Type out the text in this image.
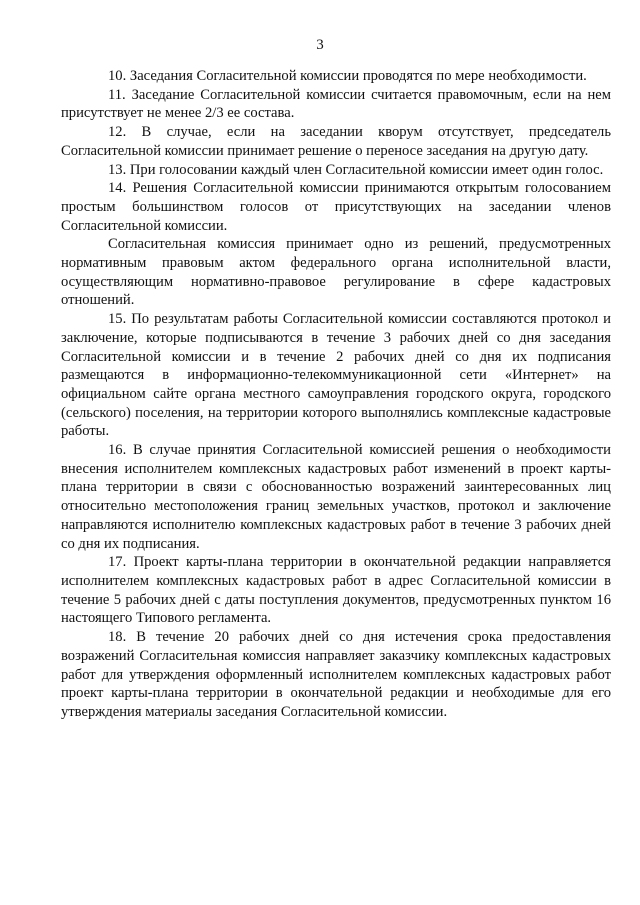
3

10. Заседания Согласительной комиссии проводятся по мере необходимости.

11. Заседание Согласительной комиссии считается правомочным, если на нем присутствует не менее 2/3 ее состава.

12. В случае, если на заседании кворум отсутствует, председатель Согласительной комиссии принимает решение о переносе заседания на другую дату.

13. При голосовании каждый член Согласительной комиссии имеет один голос.

14. Решения Согласительной комиссии принимаются открытым голосованием простым большинством голосов от присутствующих на заседании членов Согласительной комиссии.

Согласительная комиссия принимает одно из решений, предусмотренных нормативным правовым актом федерального органа исполнительной власти, осуществляющим нормативно-правовое регулирование в сфере кадастровых отношений.

15. По результатам работы Согласительной комиссии составляются протокол и заключение, которые подписываются в течение 3 рабочих дней со дня заседания Согласительной комиссии и в течение 2 рабочих дней со дня их подписания размещаются в информационно-телекоммуникационной сети «Интернет» на официальном сайте органа местного самоуправления городского округа, городского (сельского) поселения, на территории которого выполнялись комплексные кадастровые работы.

16. В случае принятия Согласительной комиссией решения о необходимости внесения исполнителем комплексных кадастровых работ изменений в проект карты-плана территории в связи с обоснованностью возражений заинтересованных лиц относительно местоположения границ земельных участков, протокол и заключение направляются исполнителю комплексных кадастровых работ в течение 3 рабочих дней со дня их подписания.

17. Проект карты-плана территории в окончательной редакции направляется исполнителем комплексных кадастровых работ в адрес Согласительной комиссии в течение 5 рабочих дней с даты поступления документов, предусмотренных пунктом 16 настоящего Типового регламента.

18. В течение 20 рабочих дней со дня истечения срока предоставления возражений Согласительная комиссия направляет заказчику комплексных кадастровых работ для утверждения оформленный исполнителем комплексных кадастровых работ проект карты-плана территории в окончательной редакции и необходимые для его утверждения материалы заседания Согласительной комиссии.
